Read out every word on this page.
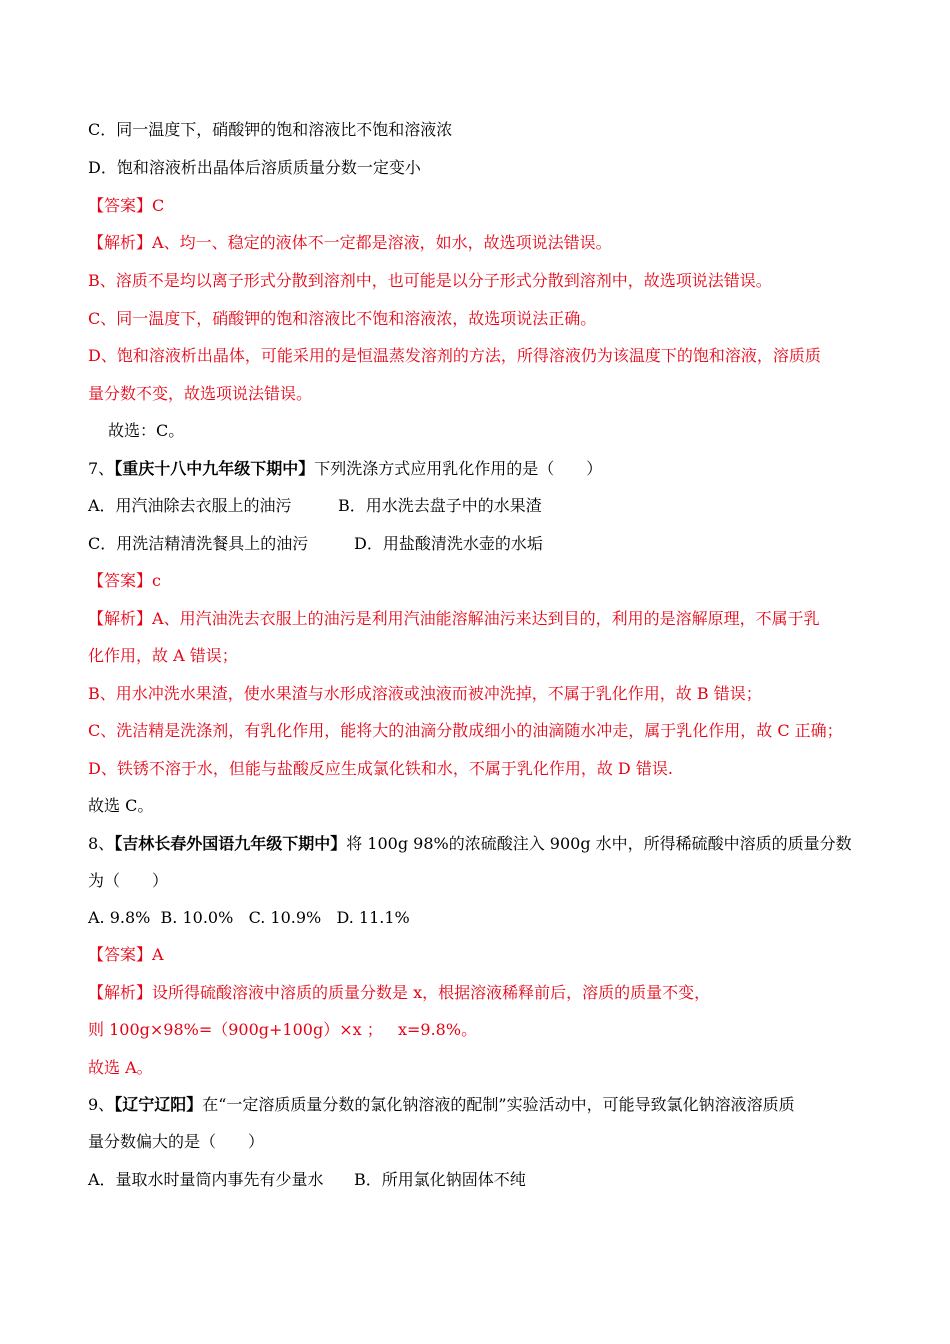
C．同一温度下，硝酸钾的饱和溶液比不饱和溶液浓
D．饱和溶液析出晶体后溶质质量分数一定变小
【答案】C
【解析】A、均一、稳定的液体不一定都是溶液，如水，故选项说法错误。
B、溶质不是均以离子形式分散到溶剂中，也可能是以分子形式分散到溶剂中，故选项说法错误。
C、同一温度下，硝酸钾的饱和溶液比不饱和溶液浓，故选项说法正确。
D、饱和溶液析出晶体，可能采用的是恒温蒸发溶剂的方法，所得溶液仍为该温度下的饱和溶液，溶质质
量分数不变，故选项说法错误。
故选：C。
7、【重庆十八中九年级下期中】下列洗涤方式应用乳化作用的是（　　）
A．用汽油除去衣服上的油污	B．用水洗去盘子中的水果渣
C．用洗洁精清洗餐具上的油污	D．用盐酸清洗水壶的水垢
【答案】c
【解析】A、用汽油洗去衣服上的油污是利用汽油能溶解油污来达到目的，利用的是溶解原理，不属于乳
化作用，故 A 错误；
B、用水冲洗水果渣，使水果渣与水形成溶液或浊液而被冲洗掉，不属于乳化作用，故 B 错误；
C、洗洁精是洗涤剂，有乳化作用，能将大的油滴分散成细小的油滴随水冲走，属于乳化作用，故 C 正确；
D、铁锈不溶于水，但能与盐酸反应生成氯化铁和水，不属于乳化作用，故 D 错误.
故选 C。
8、【吉林长春外国语九年级下期中】将 100g 98%的浓硫酸注入 900g 水中，所得稀硫酸中溶质的质量分数
为（　　）
A. 9.8%  B. 10.0%   C. 10.9%   D. 11.1%
【答案】A
【解析】设所得硫酸溶液中溶质的质量分数是 x，根据溶液稀释前后，溶质的质量不变，
则 100g×98%=（900g+100g）×x ；   x=9.8%。
故选 A。
9、【辽宁辽阳】在“一定溶质质量分数的氯化钠溶液的配制”实验活动中，可能导致氯化钠溶液溶质质
量分数偏大的是（　　）
A．量取水时量筒内事先有少量水 B．所用氯化钠固体不纯
